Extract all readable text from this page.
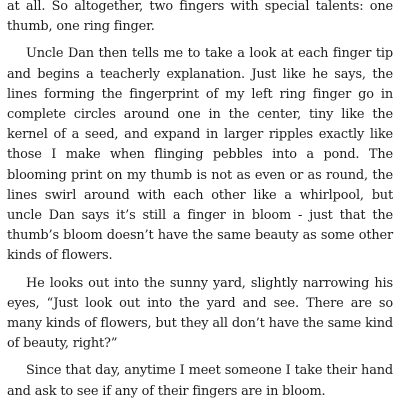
at all. So altogether, two fingers with special talents: one thumb, one ring finger.

Uncle Dan then tells me to take a look at each finger tip and begins a teacherly explanation. Just like he says, the lines forming the fingerprint of my left ring finger go in complete circles around one in the center, tiny like the kernel of a seed, and expand in larger ripples exactly like those I make when flinging pebbles into a pond. The blooming print on my thumb is not as even or as round, the lines swirl around with each other like a whirlpool, but uncle Dan says it’s still a finger in bloom - just that the thumb’s bloom doesn’t have the same beauty as some other kinds of flowers.

He looks out into the sunny yard, slightly narrowing his eyes, “Just look out into the yard and see. There are so many kinds of flowers, but they all don’t have the same kind of beauty, right?”

Since that day, anytime I meet someone I take their hand and ask to see if any of their fingers are in bloom.
